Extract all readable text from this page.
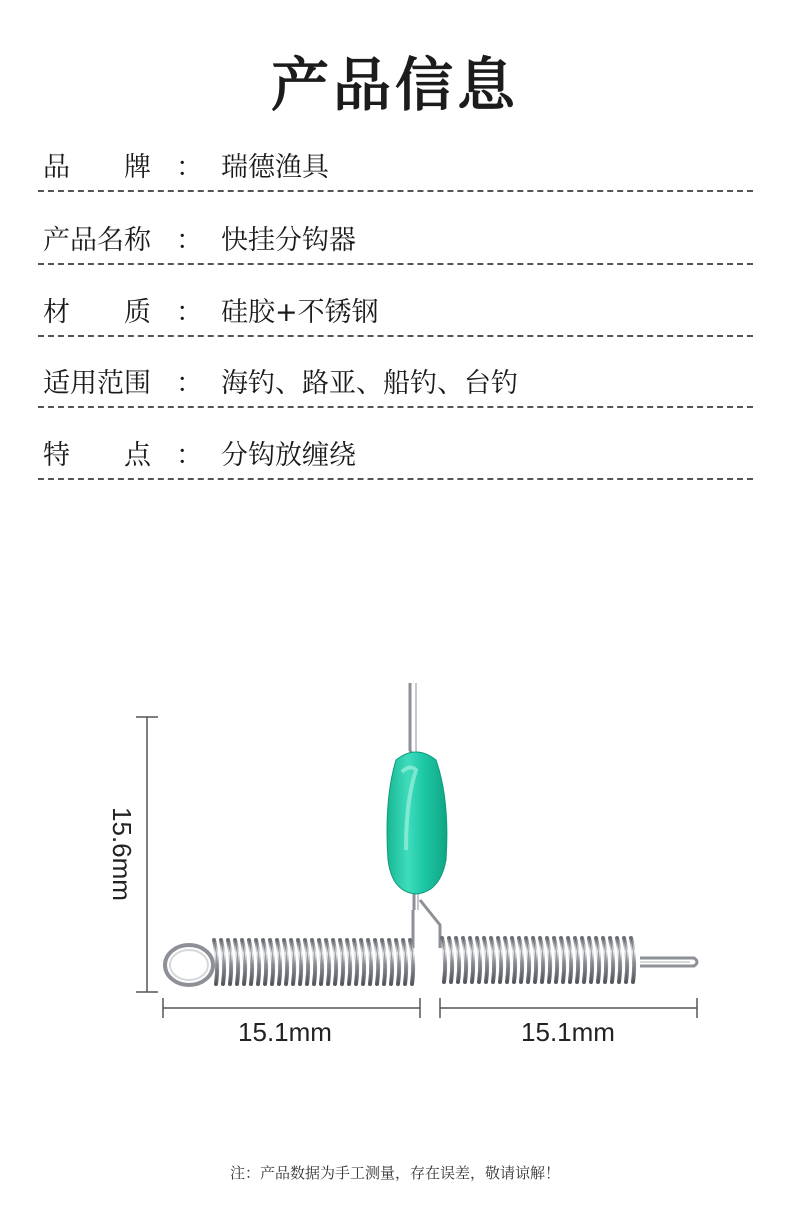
产品信息
品　　牌 ： 瑞德渔具
产品名称 ： 快挂分钩器
材　　质 ： 硅胶+不锈钢
适用范围 ： 海钓、路亚、船钓、台钓
特　　点 ： 分钩放缠绕
15.6mm
15.1mm	15.1mm
注：产品数据为手工测量，存在误差，敬请谅解！
